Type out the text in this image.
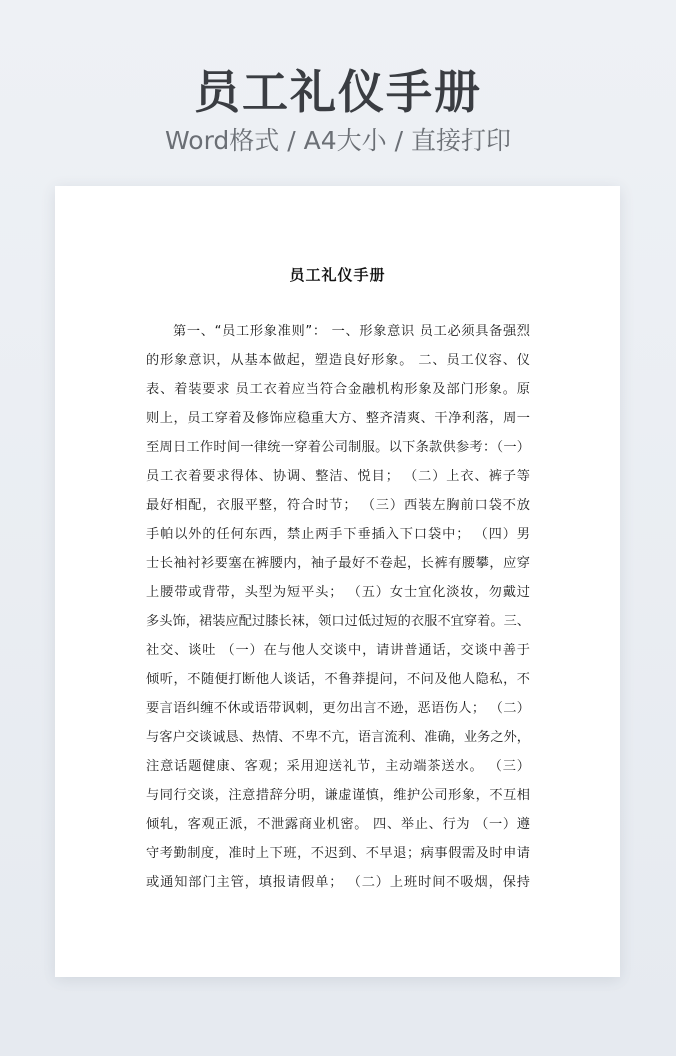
员工礼仪手册
Word格式 / A4大小 / 直接打印
员工礼仪手册
第一、“员工形象准则”： 一、形象意识 员工必须具备强烈
的形象意识，从基本做起，塑造良好形象。 二、员工仪容、仪
表、着装要求 员工衣着应当符合金融机构形象及部门形象。原
则上，员工穿着及修饰应稳重大方、整齐清爽、干净利落，周一
至周日工作时间一律统一穿着公司制服。以下条款供参考：（一）
员工衣着要求得体、协调、整洁、悦目； （二）上衣、裤子等
最好相配，衣服平整，符合时节； （三）西装左胸前口袋不放
手帕以外的任何东西，禁止两手下垂插入下口袋中； （四）男
士长袖衬衫要塞在裤腰内，袖子最好不卷起，长裤有腰攀，应穿
上腰带或背带，头型为短平头； （五）女士宜化淡妆，勿戴过
多头饰，裙装应配过膝长袜，领口过低过短的衣服不宜穿着。三、
社交、谈吐 （一）在与他人交谈中，请讲普通话，交谈中善于
倾听，不随便打断他人谈话，不鲁莽提问，不问及他人隐私，不
要言语纠缠不休或语带讽刺，更勿出言不逊，恶语伤人； （二）
与客户交谈诚恳、热情、不卑不亢，语言流利、准确，业务之外，
注意话题健康、客观；采用迎送礼节，主动端茶送水。 （三）
与同行交谈，注意措辞分明，谦虚谨慎，维护公司形象，不互相
倾轧，客观正派，不泄露商业机密。 四、举止、行为 （一）遵
守考勤制度，准时上下班，不迟到、不早退；病事假需及时申请
或通知部门主管，填报请假单； （二）上班时间不吸烟，保持
